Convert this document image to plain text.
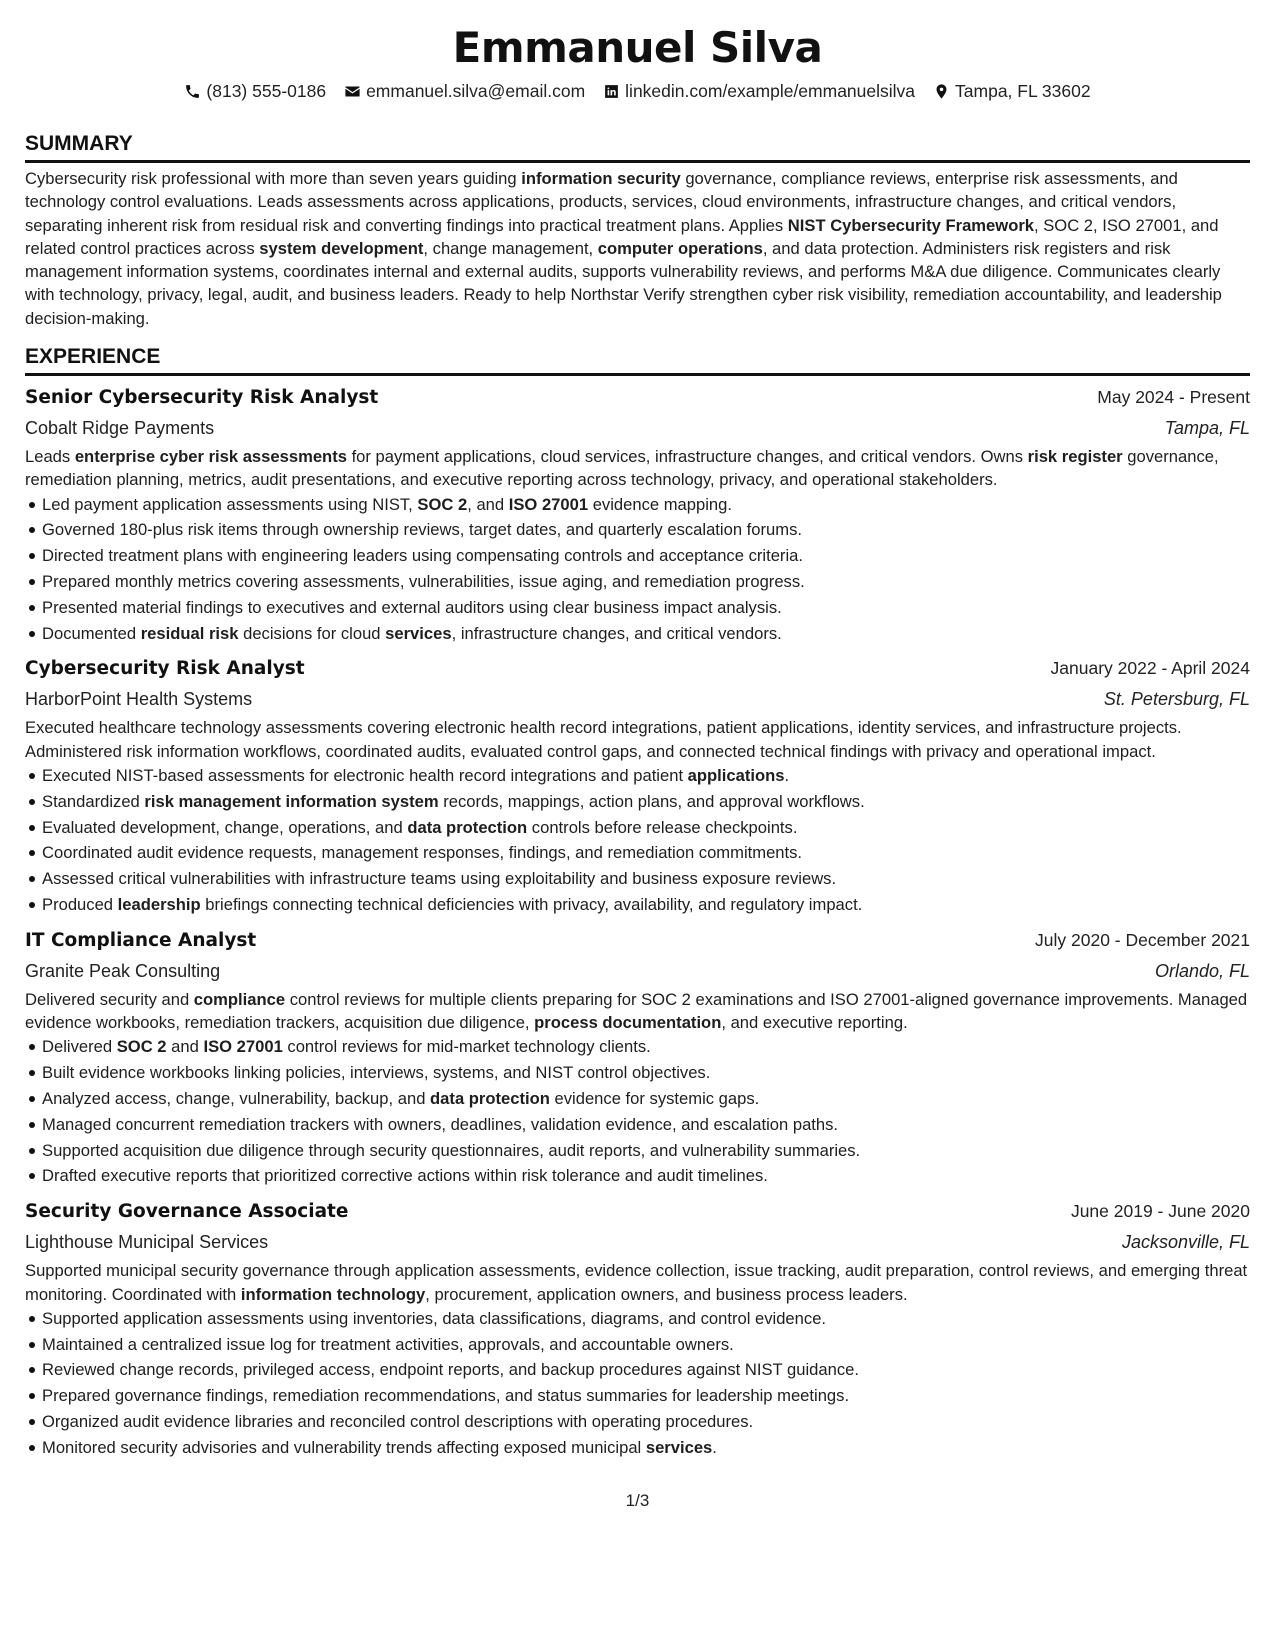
Emmanuel Silva
(813) 555-0186 emmanuel.silva@email.com linkedin.com/example/emmanuelsilva Tampa, FL 33602
SUMMARY

Cybersecurity risk professional with more than seven years guiding information security governance, compliance reviews, enterprise risk assessments, and technology control evaluations. Leads assessments across applications, products, services, cloud environments, infrastructure changes, and critical vendors, separating inherent risk from residual risk and converting findings into practical treatment plans. Applies NIST Cybersecurity Framework, SOC 2, ISO 27001, and related control practices across system development, change management, computer operations, and data protection. Administers risk registers and risk management information systems, coordinates internal and external audits, supports vulnerability reviews, and performs M&A due diligence. Communicates clearly with technology, privacy, legal, audit, and business leaders. Ready to help Northstar Verify strengthen cyber risk visibility, remediation accountability, and leadership decision-making.

EXPERIENCE
Senior Cybersecurity Risk Analyst	May 2024 - Present
Cobalt Ridge Payments	Tampa, FL

Leads enterprise cyber risk assessments for payment applications, cloud services, infrastructure changes, and critical vendors. Owns risk register governance, remediation planning, metrics, audit presentations, and executive reporting across technology, privacy, and operational stakeholders.

Led payment application assessments using NIST, SOC 2, and ISO 27001 evidence mapping.
Governed 180-plus risk items through ownership reviews, target dates, and quarterly escalation forums.
Directed treatment plans with engineering leaders using compensating controls and acceptance criteria.
Prepared monthly metrics covering assessments, vulnerabilities, issue aging, and remediation progress.
Presented material findings to executives and external auditors using clear business impact analysis.
Documented residual risk decisions for cloud services, infrastructure changes, and critical vendors.
Cybersecurity Risk Analyst	January 2022 - April 2024
HarborPoint Health Systems	St. Petersburg, FL

Executed healthcare technology assessments covering electronic health record integrations, patient applications, identity services, and infrastructure projects. Administered risk information workflows, coordinated audits, evaluated control gaps, and connected technical findings with privacy and operational impact.

Executed NIST-based assessments for electronic health record integrations and patient applications.
Standardized risk management information system records, mappings, action plans, and approval workflows.
Evaluated development, change, operations, and data protection controls before release checkpoints.
Coordinated audit evidence requests, management responses, findings, and remediation commitments.
Assessed critical vulnerabilities with infrastructure teams using exploitability and business exposure reviews.
Produced leadership briefings connecting technical deficiencies with privacy, availability, and regulatory impact.
IT Compliance Analyst	July 2020 - December 2021
Granite Peak Consulting	Orlando, FL

Delivered security and compliance control reviews for multiple clients preparing for SOC 2 examinations and ISO 27001-aligned governance improvements. Managed evidence workbooks, remediation trackers, acquisition due diligence, process documentation, and executive reporting.

Delivered SOC 2 and ISO 27001 control reviews for mid-market technology clients.
Built evidence workbooks linking policies, interviews, systems, and NIST control objectives.
Analyzed access, change, vulnerability, backup, and data protection evidence for systemic gaps.
Managed concurrent remediation trackers with owners, deadlines, validation evidence, and escalation paths.
Supported acquisition due diligence through security questionnaires, audit reports, and vulnerability summaries.
Drafted executive reports that prioritized corrective actions within risk tolerance and audit timelines.
Security Governance Associate	June 2019 - June 2020
Lighthouse Municipal Services	Jacksonville, FL

Supported municipal security governance through application assessments, evidence collection, issue tracking, audit preparation, control reviews, and emerging threat monitoring. Coordinated with information technology, procurement, application owners, and business process leaders.

Supported application assessments using inventories, data classifications, diagrams, and control evidence.
Maintained a centralized issue log for treatment activities, approvals, and accountable owners.
Reviewed change records, privileged access, endpoint reports, and backup procedures against NIST guidance.
Prepared governance findings, remediation recommendations, and status summaries for leadership meetings.
Organized audit evidence libraries and reconciled control descriptions with operating procedures.
Monitored security advisories and vulnerability trends affecting exposed municipal services.
1/3
